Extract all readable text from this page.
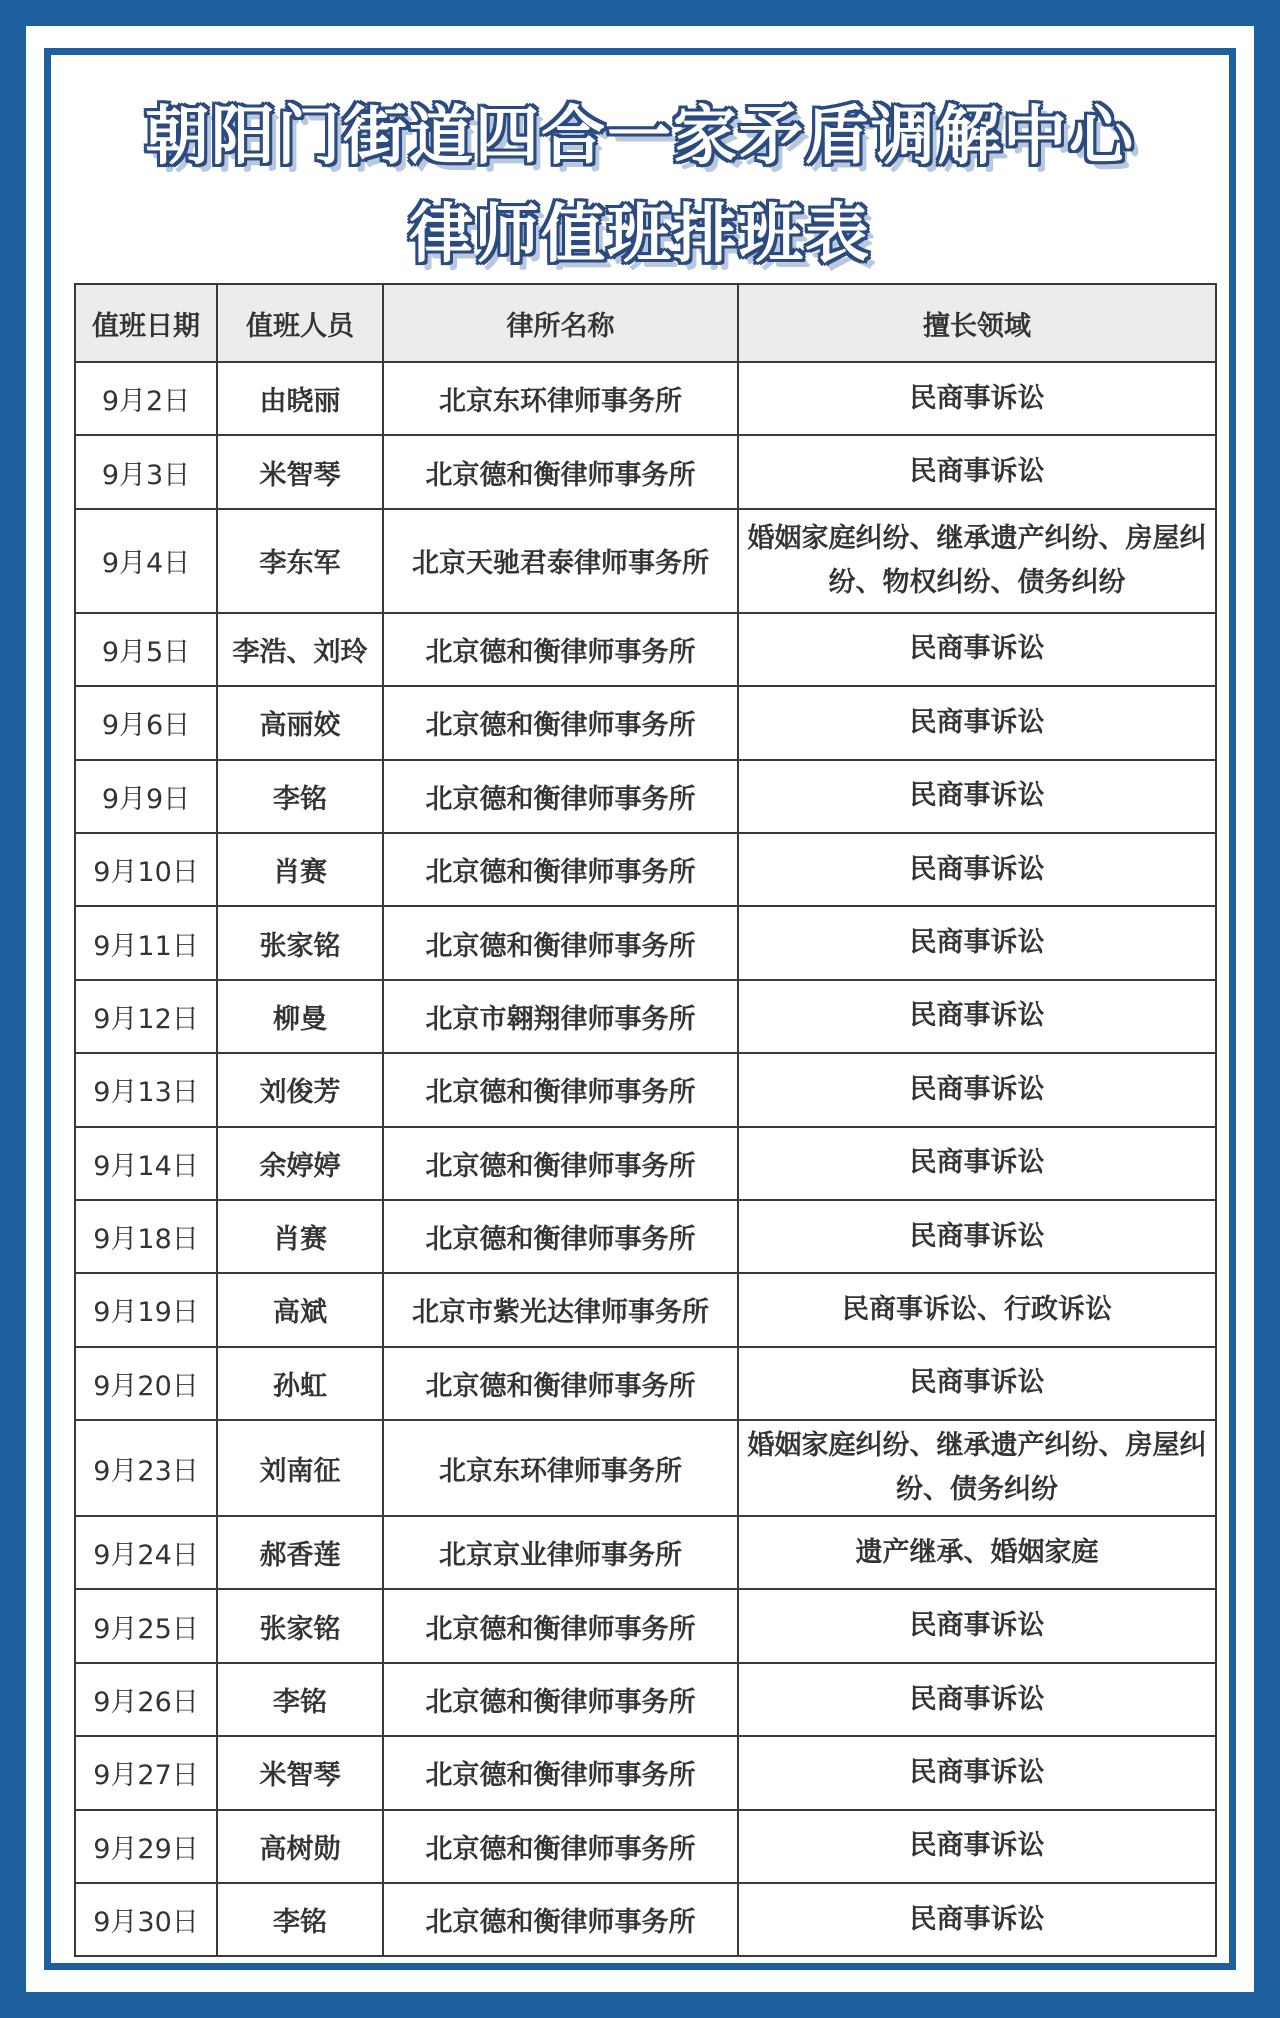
朝阳门街道四合一家矛盾调解中心
律师值班排班表
值班日期	值班人员	律所名称	擅长领域
9月2日	由晓丽	北京东环律师事务所	民商事诉讼
9月3日	米智琴	北京德和衡律师事务所	民商事诉讼
9月4日	李东军	北京天驰君泰律师事务所	婚姻家庭纠纷、继承遗产纠纷、房屋纠纷、物权纠纷、债务纠纷
9月5日	李浩、刘玲	北京德和衡律师事务所	民商事诉讼
9月6日	高丽姣	北京德和衡律师事务所	民商事诉讼
9月9日	李铭	北京德和衡律师事务所	民商事诉讼
9月10日	肖赛	北京德和衡律师事务所	民商事诉讼
9月11日	张家铭	北京德和衡律师事务所	民商事诉讼
9月12日	柳曼	北京市翱翔律师事务所	民商事诉讼
9月13日	刘俊芳	北京德和衡律师事务所	民商事诉讼
9月14日	余婷婷	北京德和衡律师事务所	民商事诉讼
9月18日	肖赛	北京德和衡律师事务所	民商事诉讼
9月19日	高斌	北京市紫光达律师事务所	民商事诉讼、行政诉讼
9月20日	孙虹	北京德和衡律师事务所	民商事诉讼
9月23日	刘南征	北京东环律师事务所	婚姻家庭纠纷、继承遗产纠纷、房屋纠纷、债务纠纷
9月24日	郝香莲	北京京业律师事务所	遗产继承、婚姻家庭
9月25日	张家铭	北京德和衡律师事务所	民商事诉讼
9月26日	李铭	北京德和衡律师事务所	民商事诉讼
9月27日	米智琴	北京德和衡律师事务所	民商事诉讼
9月29日	高树勋	北京德和衡律师事务所	民商事诉讼
9月30日	李铭	北京德和衡律师事务所	民商事诉讼
